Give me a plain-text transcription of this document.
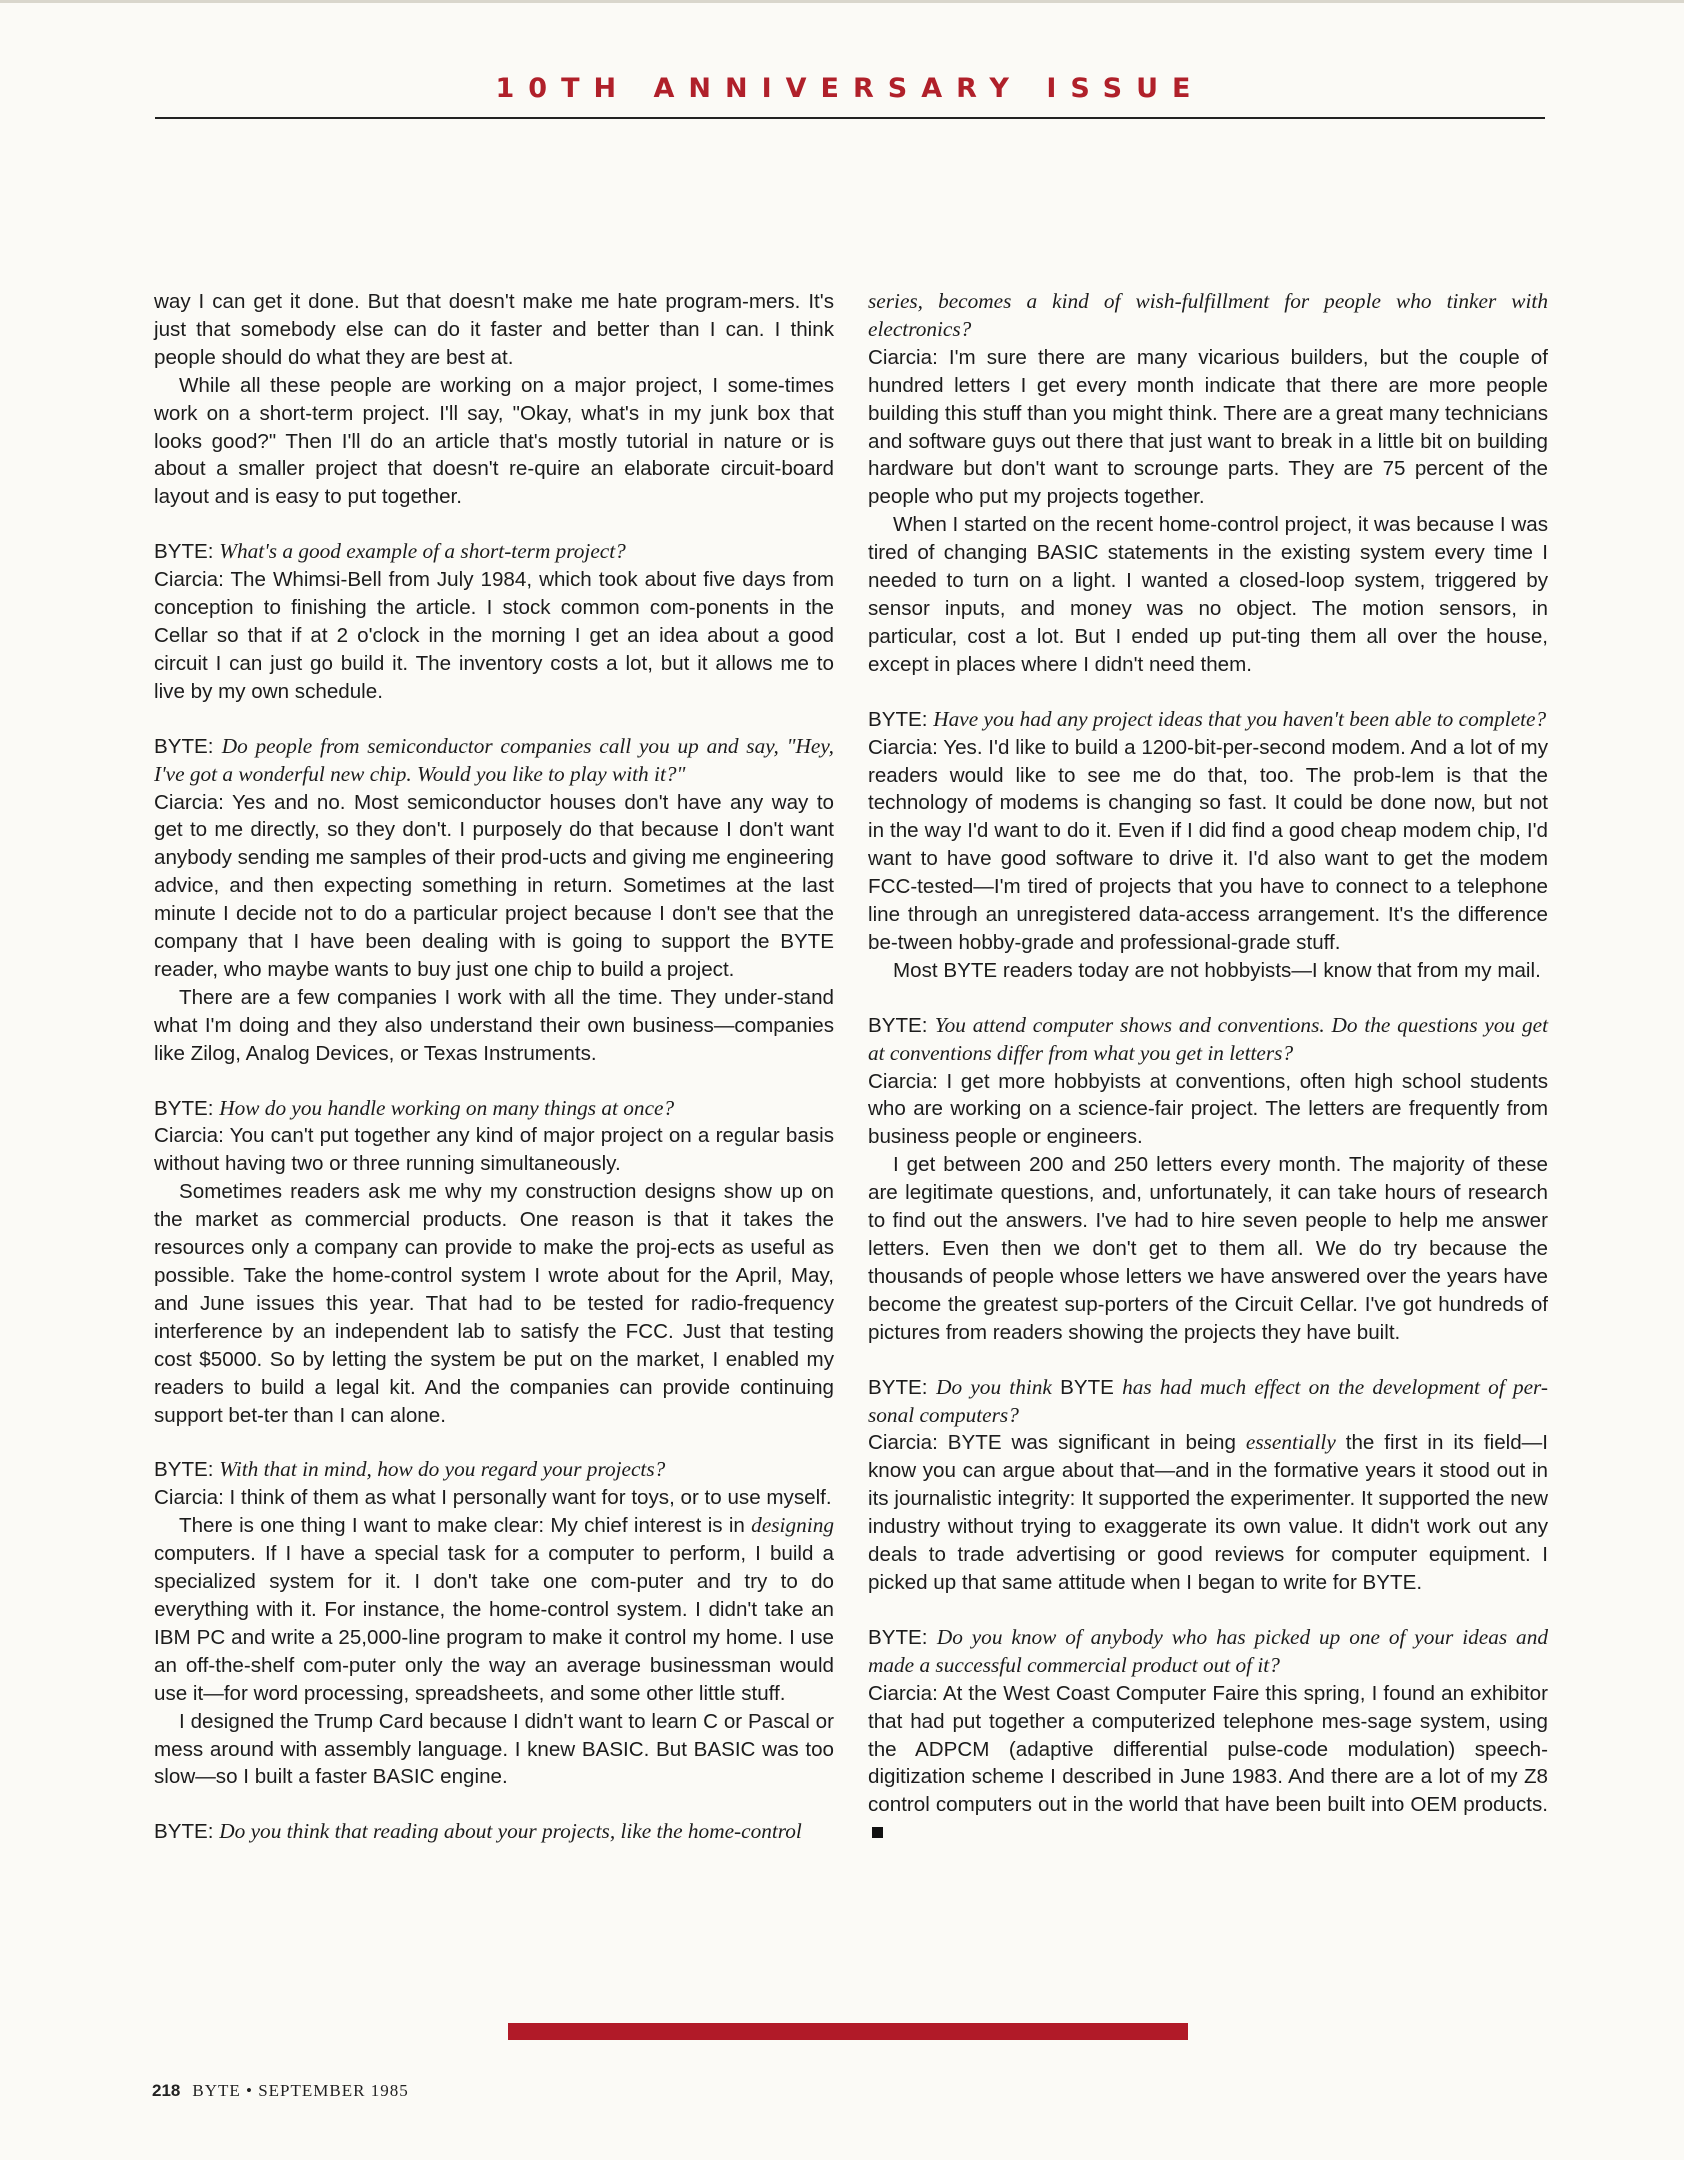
10TH ANNIVERSARY ISSUE

way I can get it done. But that doesn't make me hate program-mers. It's just that somebody else can do it faster and better than I can. I think people should do what they are best at.

While all these people are working on a major project, I some-times work on a short-term project. I'll say, "Okay, what's in my junk box that looks good?" Then I'll do an article that's mostly tutorial in nature or is about a smaller project that doesn't re-quire an elaborate circuit-board layout and is easy to put together.

BYTE: What's a good example of a short-term project?

Ciarcia: The Whimsi-Bell from July 1984, which took about five days from conception to finishing the article. I stock common com-ponents in the Cellar so that if at 2 o'clock in the morning I get an idea about a good circuit I can just go build it. The inventory costs a lot, but it allows me to live by my own schedule.

BYTE: Do people from semiconductor companies call you up and say, "Hey, I've got a wonderful new chip. Would you like to play with it?"

Ciarcia: Yes and no. Most semiconductor houses don't have any way to get to me directly, so they don't. I purposely do that because I don't want anybody sending me samples of their prod-ucts and giving me engineering advice, and then expecting something in return. Sometimes at the last minute I decide not to do a particular project because I don't see that the company that I have been dealing with is going to support the BYTE reader, who maybe wants to buy just one chip to build a project.

There are a few companies I work with all the time. They under-stand what I'm doing and they also understand their own business—companies like Zilog, Analog Devices, or Texas Instruments.

BYTE: How do you handle working on many things at once?

Ciarcia: You can't put together any kind of major project on a regular basis without having two or three running simultaneously.

Sometimes readers ask me why my construction designs show up on the market as commercial products. One reason is that it takes the resources only a company can provide to make the proj-ects as useful as possible. Take the home-control system I wrote about for the April, May, and June issues this year. That had to be tested for radio-frequency interference by an independent lab to satisfy the FCC. Just that testing cost $5000. So by letting the system be put on the market, I enabled my readers to build a legal kit. And the companies can provide continuing support bet-ter than I can alone.

BYTE: With that in mind, how do you regard your projects?

Ciarcia: I think of them as what I personally want for toys, or to use myself.

There is one thing I want to make clear: My chief interest is in designing computers. If I have a special task for a computer to perform, I build a specialized system for it. I don't take one com-puter and try to do everything with it. For instance, the home-control system. I didn't take an IBM PC and write a 25,000-line program to make it control my home. I use an off-the-shelf com-puter only the way an average businessman would use it—for word processing, spreadsheets, and some other little stuff.

I designed the Trump Card because I didn't want to learn C or Pascal or mess around with assembly language. I knew BASIC. But BASIC was too slow—so I built a faster BASIC engine.

BYTE: Do you think that reading about your projects, like the home-control

series, becomes a kind of wish-fulfillment for people who tinker with electronics?

Ciarcia: I'm sure there are many vicarious builders, but the couple of hundred letters I get every month indicate that there are more people building this stuff than you might think. There are a great many technicians and software guys out there that just want to break in a little bit on building hardware but don't want to scrounge parts. They are 75 percent of the people who put my projects together.

When I started on the recent home-control project, it was because I was tired of changing BASIC statements in the existing system every time I needed to turn on a light. I wanted a closed-loop system, triggered by sensor inputs, and money was no object. The motion sensors, in particular, cost a lot. But I ended up put-ting them all over the house, except in places where I didn't need them.

BYTE: Have you had any project ideas that you haven't been able to complete?

Ciarcia: Yes. I'd like to build a 1200-bit-per-second modem. And a lot of my readers would like to see me do that, too. The prob-lem is that the technology of modems is changing so fast. It could be done now, but not in the way I'd want to do it. Even if I did find a good cheap modem chip, I'd want to have good software to drive it. I'd also want to get the modem FCC-tested—I'm tired of projects that you have to connect to a telephone line through an unregistered data-access arrangement. It's the difference be-tween hobby-grade and professional-grade stuff.

Most BYTE readers today are not hobbyists—I know that from my mail.

BYTE: You attend computer shows and conventions. Do the questions you get at conventions differ from what you get in letters?

Ciarcia: I get more hobbyists at conventions, often high school students who are working on a science-fair project. The letters are frequently from business people or engineers.

I get between 200 and 250 letters every month. The majority of these are legitimate questions, and, unfortunately, it can take hours of research to find out the answers. I've had to hire seven people to help me answer letters. Even then we don't get to them all. We do try because the thousands of people whose letters we have answered over the years have become the greatest sup-porters of the Circuit Cellar. I've got hundreds of pictures from readers showing the projects they have built.

BYTE: Do you think BYTE has had much effect on the development of per-sonal computers?

Ciarcia: BYTE was significant in being essentially the first in its field—I know you can argue about that—and in the formative years it stood out in its journalistic integrity: It supported the experimenter. It supported the new industry without trying to exaggerate its own value. It didn't work out any deals to trade advertising or good reviews for computer equipment. I picked up that same attitude when I began to write for BYTE.

BYTE: Do you know of anybody who has picked up one of your ideas and made a successful commercial product out of it?

Ciarcia: At the West Coast Computer Faire this spring, I found an exhibitor that had put together a computerized telephone mes-sage system, using the ADPCM (adaptive differential pulse-code modulation) speech-digitization scheme I described in June 1983. And there are a lot of my Z8 control computers out in the world that have been built into OEM products.

218 BYTE • SEPTEMBER 1985
